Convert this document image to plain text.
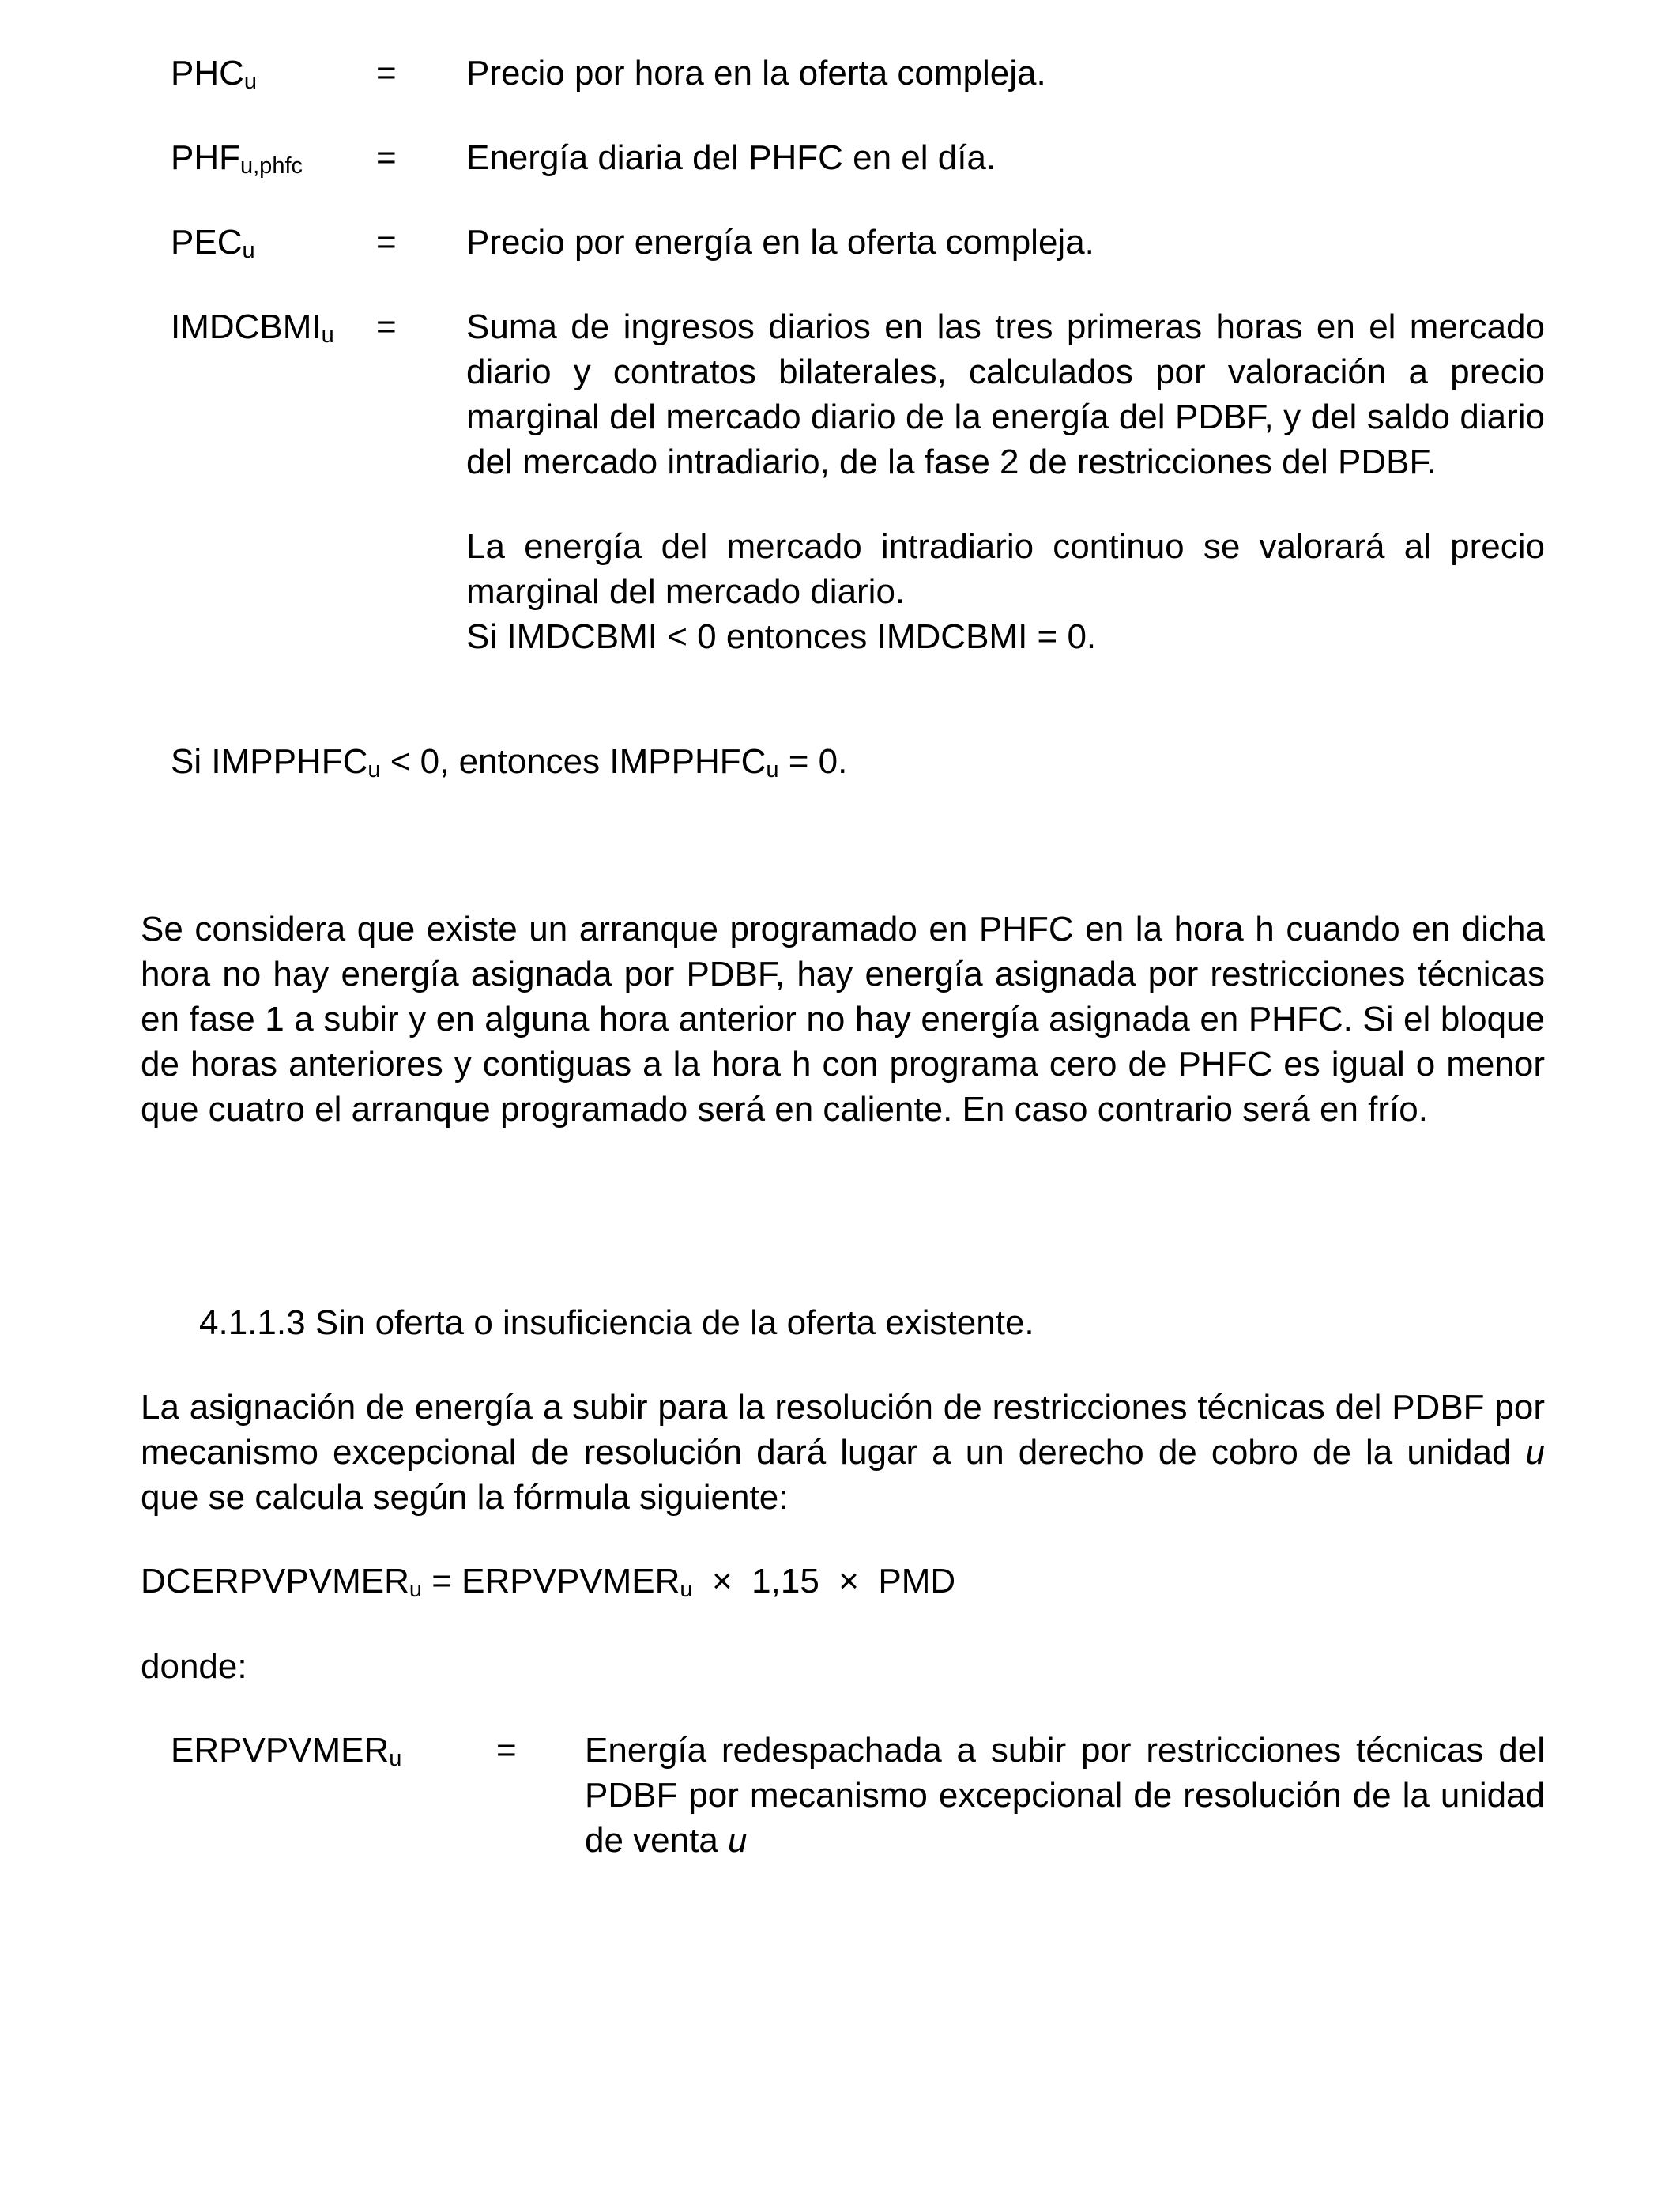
$PHC_u$	= Precio por hora en la oferta compleja.

$PHF_{u,phfc}$ = Energía diaria del PHFC en el día.

$PEC_u$	= Precio por energía en la oferta compleja.

$IMDCBMI_u$ = Suma de ingresos diarios en las tres primeras horas en el mercado diario y contratos bilaterales, calculados por valoración a precio marginal del mercado diario de la energía del PDBF, y del saldo diario del mercado intradiario, de la fase 2 de restricciones del PDBF.

La energía del mercado intradiario continuo se valorará al precio marginal del mercado diario.

Si IMDCBMI < 0 entonces IMDCBMI = 0.

Si $IMPPHFC_u < 0$, entonces $IMPPHFC_u = 0$.

Se considera que existe un arranque programado en PHFC en la hora h cuando en dicha hora no hay energía asignada por PDBF, hay energía asignada por restricciones técnicas en fase 1 a subir y en alguna hora anterior no hay energía asignada en PHFC. Si el bloque de horas anteriores y contiguas a la hora h con programa cero de PHFC es igual o menor que cuatro el arranque programado será en caliente. En caso contrario será en frío.

4.1.1.3 Sin oferta o insuficiencia de la oferta existente.

La asignación de energía a subir para la resolución de restricciones técnicas del PDBF por mecanismo excepcional de resolución dará lugar a un derecho de cobro de la unidad u que se calcula según la fórmula siguiente:

$DCERPVPVMER_u$ = $ERPVPVMER_u \times 1,15$  ×  PMD
donde:
$ERPVPVMER_u$	= Energía redespachada a subir por restricciones técnicas del PDBF por mecanismo excepcional de resolución de la unidad de venta u
